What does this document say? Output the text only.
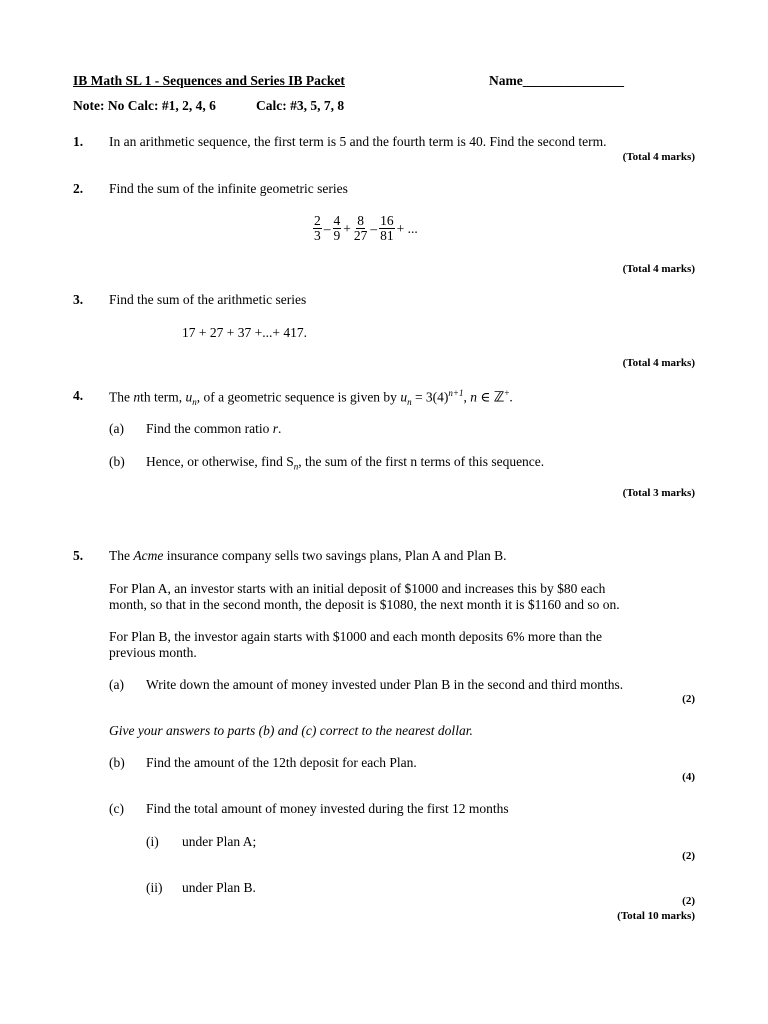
IB Math SL 1 - Sequences and Series IB Packet	Name_______________
Note: No Calc: #1, 2, 4, 6	Calc: #3, 5, 7, 8
1. In an arithmetic sequence, the first term is 5 and the fourth term is 40. Find the second term.
(Total 4 marks)
2. Find the sum of the infinite geometric series
$\frac{2}{3} - \frac{4}{9} + \frac{8}{27} - \frac{16}{81}$ + ...
(Total 4 marks)
3. Find the sum of the arithmetic series
17 + 27 + 37 +...+ 417.
(Total 4 marks)
4. The nth term, $u_n$, of a geometric sequence is given by $u_n = 3(4)^{n+1}$, n ∈ ℤ+.
(a) Find the common ratio r.
(b) Hence, or otherwise, find $S_n$, the sum of the first n terms of this sequence.
(Total 3 marks)
5. The Acme insurance company sells two savings plans, Plan A and Plan B.
For Plan A, an investor starts with an initial deposit of $1000 and increases this by $80 each
month, so that in the second month, the deposit is $1080, the next month it is $1160 and so on.
For Plan B, the investor again starts with $1000 and each month deposits 6% more than the
previous month.
(a) Write down the amount of money invested under Plan B in the second and third months.
(2)
Give your answers to parts (b) and (c) correct to the nearest dollar.
(b) Find the amount of the 12th deposit for each Plan.
(4)
(c) Find the total amount of money invested during the first 12 months
(i) under Plan A;
(2)
(ii) under Plan B.
(2)
(Total 10 marks)
